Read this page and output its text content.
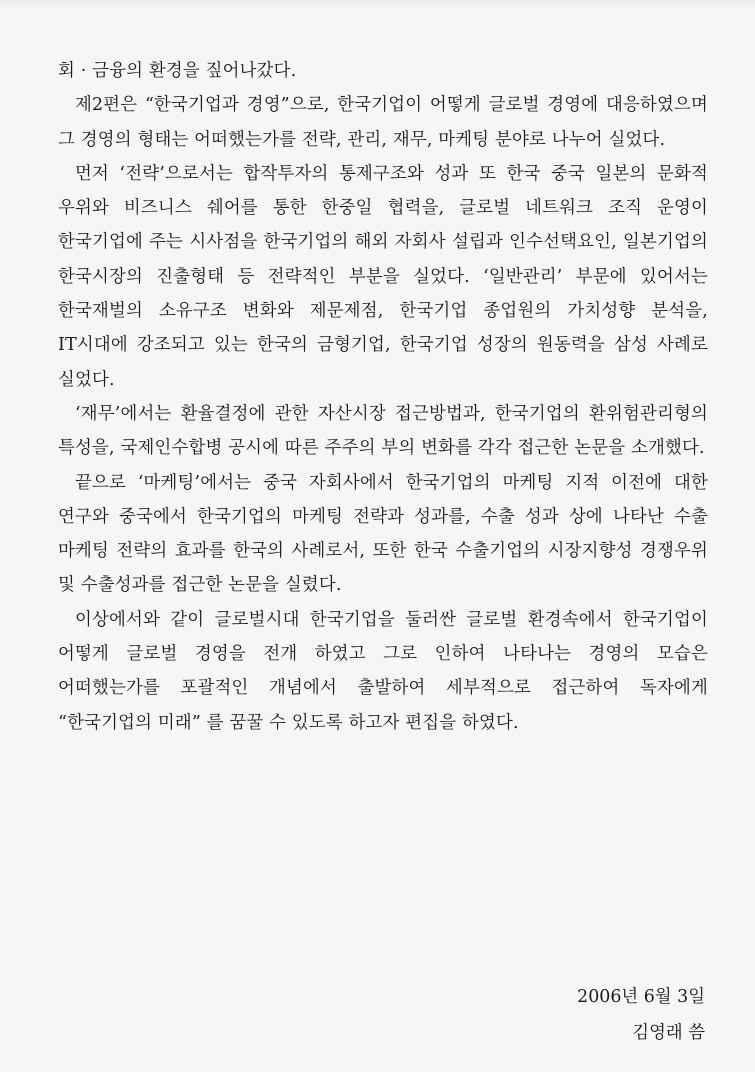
회 · 금융의 환경을 짚어나갔다.

제2편은 “한국기업과 경영”으로, 한국기업이 어떻게 글로벌 경영에 대응하였으며 그 경영의 형태는 어떠했는가를 전략, 관리, 재무, 마케팅 분야로 나누어 실었다.

먼저 ‘전략’으로서는 합작투자의 통제구조와 성과 또 한국 중국 일본의 문화적 우위와 비즈니스 쉐어를 통한 한중일 협력을, 글로벌 네트워크 조직 운영이 한국기업에 주는 시사점을 한국기업의 해외 자회사 설립과 인수선택요인, 일본기업의 한국시장의 진출형태 등 전략적인 부분을 실었다. ‘일반관리’ 부문에 있어서는 한국재벌의 소유구조 변화와 제문제점, 한국기업 종업원의 가치성향 분석을, IT시대에 강조되고 있는 한국의 금형기업, 한국기업 성장의 원동력을 삼성 사례로 실었다.

‘재무’에서는 환율결정에 관한 자산시장 접근방법과, 한국기업의 환위험관리형의 특성을, 국제인수합병 공시에 따른 주주의 부의 변화를 각각 접근한 논문을 소개했다.

끝으로 ‘마케팅’에서는 중국 자회사에서 한국기업의 마케팅 지적 이전에 대한 연구와 중국에서 한국기업의 마케팅 전략과 성과를, 수출 성과 상에 나타난 수출 마케팅 전략의 효과를 한국의 사례로서, 또한 한국 수출기업의 시장지향성 경쟁우위 및 수출성과를 접근한 논문을 실렸다.

이상에서와 같이 글로벌시대 한국기업을 둘러싼 글로벌 환경속에서 한국기업이 어떻게 글로벌 경영을 전개 하였고 그로 인하여 나타나는 경영의 모습은 어떠했는가를 포괄적인 개념에서 출발하여 세부적으로 접근하여 독자에게 “한국기업의 미래” 를 꿈꿀 수 있도록 하고자 편집을 하였다.

2006년 6월 3일
김영래 씀
